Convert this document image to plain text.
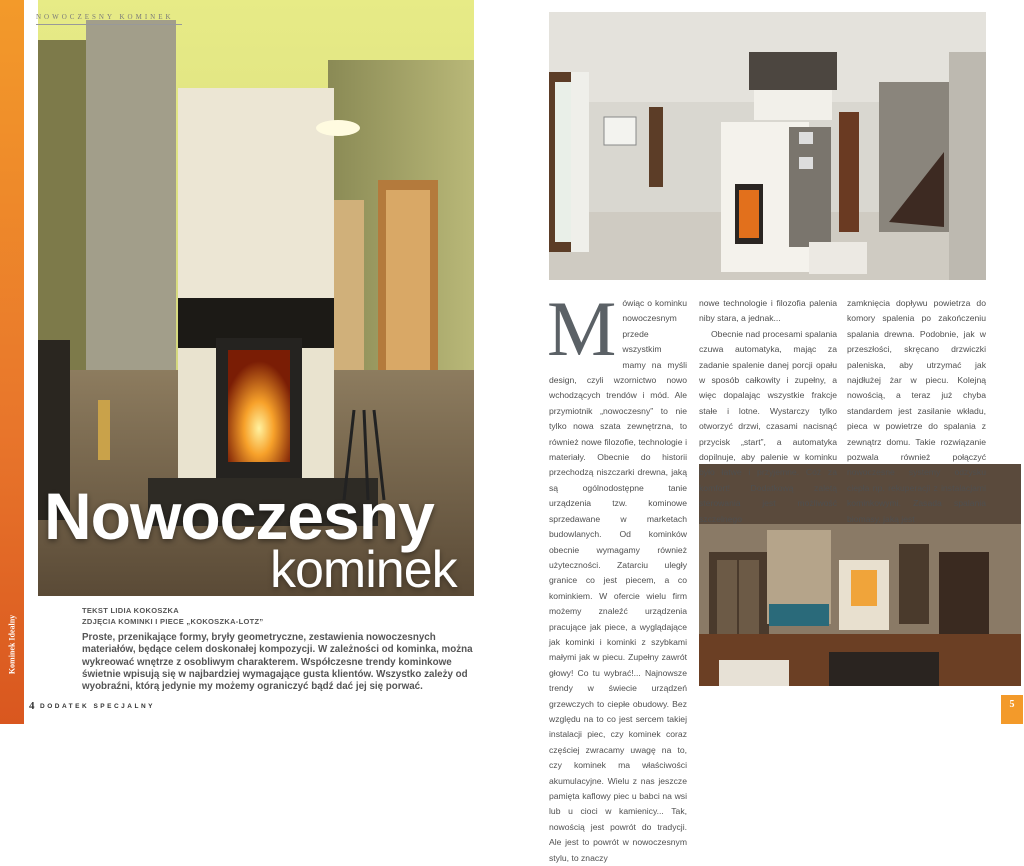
Kominek Idealny
NOWOCZESNY KOMINEK
Nowoczesny
kominek
TEKST LIDIA KOKOSZKA
ZDJĘCIA KOMINKI I PIECE „KOKOSZKA-LOTZ”
Proste, przenikające formy, bryły geometryczne, zestawienia nowoczesnych materiałów, będące celem doskonałej kompozycji. W zależności od kominka, można wykreować wnętrze z osobliwym charakterem. Współczesne trendy kominkowe świetnie wpisują się w najbardziej wymagające gusta klientów. Wszystko zależy od wyobraźni, którą jedynie my możemy ograniczyć bądź dać jej się porwać.
4 DODATEK SPECJALNY
M ówiąc o kominku nowoczesnym przede wszystkim mamy na myśli design, czyli wzornictwo nowo wchodzących trendów i mód. Ale przymiotnik „nowoczesny” to nie tylko nowa szata zewnętrzna, to również nowe filozofie, technologie i materiały. Obecnie do historii przechodzą niszczarki drewna, jaką są ogólnodostępne tanie urządzenia tzw. kominowe sprzedawane w marketach budowlanych. Od kominków obecnie wymagamy również użyteczności. Zatarciu uległy granice co jest piecem, a co kominkiem. W ofercie wielu firm możemy znaleźć urządzenia pracujące jak piece, a wyglądające jak kominki i kominki z szybkami małymi jak w piecu. Zupełny zawrót głowy! Co tu wybrać!... Najnowsze trendy w świecie urządzeń grzewczych to ciepłe obudowy. Bez względu na to co jest sercem takiej instalacji piec, czy kominek coraz częściej zwracamy uwagę na to, czy kominek ma właściwości akumulacyjne. Wielu z nas jeszcze pamięta kaflowy piec u babci na wsi lub u cioci w kamienicy... Tak, nowością jest powrót do tradycji. Ale jest to powrót w nowoczesnym stylu, to znaczy

nowe technologie i filozofia palenia niby stara, a jednak...

Obecnie nad procesami spalania czuwa automatyka, mając za zadanie spalenie danej porcji opału w sposób całkowity i zupełny, a więc dopalając wszystkie frakcje stałe i lotne. Wystarczy tylko otworzyć drzwi, czasami nacisnąć przycisk „start”, a automatyka dopilnuje, aby palenie w kominku było łatwe i przyjemne. Cóż za komfort! Dodatkową zaletą sterowania jest możliwość szczelnego

zamknięcia dopływu powietrza do komory spalenia po zakończeniu spalania drewna. Podobnie, jak w przeszłości, skręcano drzwiczki paleniska, aby utrzymać jak najdłużej żar w piecu. Kolejną nowością, a teraz już chyba standardem jest zasilanie wkładu, pieca w powietrze do spalania z zewnątrz domu. Takie rozwiązanie pozwala również połączyć nowoczesne systemy odzysku ciepła np. rekuperacji z instalacjami kominkowymi. Zasada spalania biomasy, jaką jest

5
